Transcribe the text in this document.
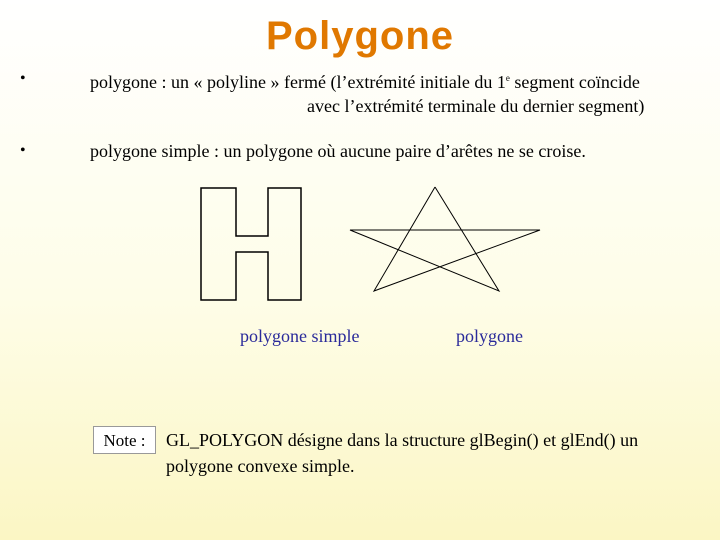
Polygone
•	polygone : un « polyline » fermé (l’extrémité initiale du 1e segment coïncide
avec l’extrémité terminale du dernier segment)
•	polygone simple : un polygone où aucune paire d’arêtes ne se croise.
polygone simple	polygone
Note :	GL_POLYGON désigne dans la structure glBegin() et glEnd() un polygone convexe simple.
